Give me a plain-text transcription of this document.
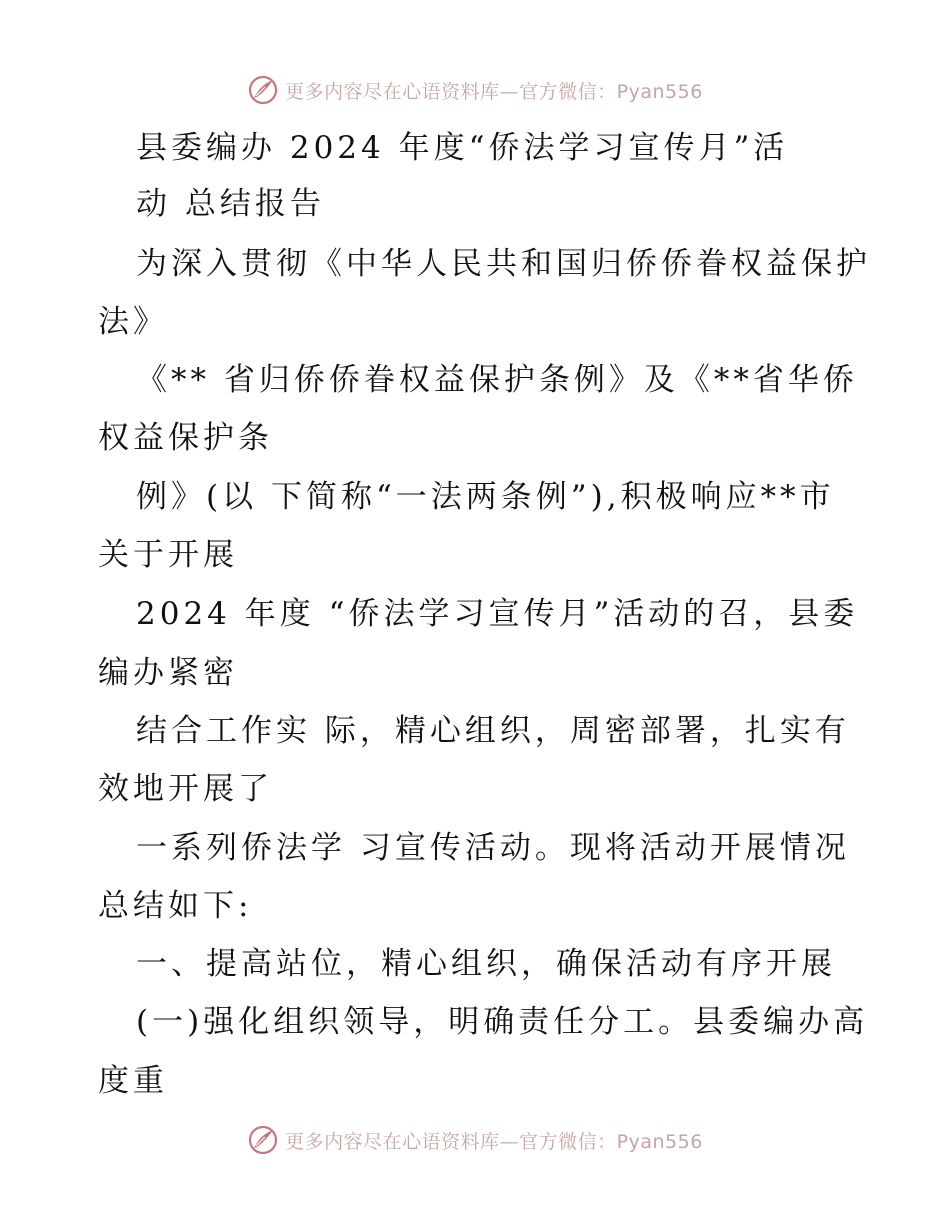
更多内容尽在心语资料库—官方微信：Pyan556
县委编办 2024 年度“侨法学习宣传月”活
动 总结报告
为深入贯彻《中华人民共和国归侨侨眷权益保护
法》
《** 省归侨侨眷权益保护条例》及《**省华侨
权益保护条
例》(以 下简称“一法两条例”),积极响应**市
关于开展
2024 年度 “侨法学习宣传月”活动的召，县委
编办紧密
结合工作实 际，精心组织，周密部署，扎实有
效地开展了
一系列侨法学 习宣传活动。现将活动开展情况
总结如下:
一、提高站位，精心组织，确保活动有序开展
(一)强化组织领导，明确责任分工。县委编办高
度重
更多内容尽在心语资料库—官方微信：Pyan556
